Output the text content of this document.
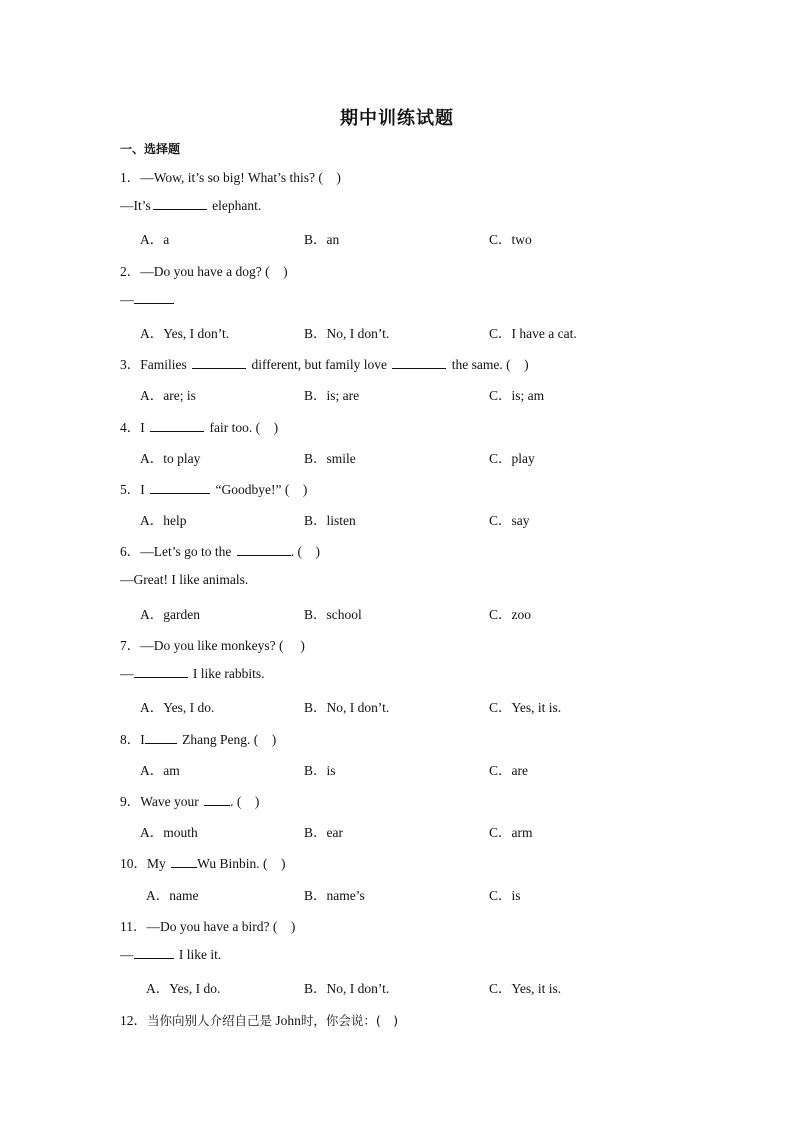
期中训练试题
一、选择题
1．—Wow, it’s so big! What’s this? (　)
—It’s	elephant.
A．a	B．an	C．two
2．—Do you have a dog? (　)
—
A．Yes, I don’t.	B．No, I don’t.	C．I have a cat.
3．Families	different, but family love	the same. (　)
A．are; is	B．is; are	C．is; am
4．I	fair too. (　)
A．to play	B．smile	C．play
5．I	“Goodbye!” (　)
A．help	B．listen	C．say
6．—Let’s go to the	. (　)
—Great! I like animals.
A．garden	B．school	C．zoo
7．—Do you like monkeys? (　 )
—	I like rabbits.
A．Yes, I do.	B．No, I don’t.	C．Yes, it is.
8．I	Zhang Peng. (　)
A．am	B．is	C．are
9．Wave your . (　)
A．mouth	B．ear	C．arm
10．My Wu Binbin. (　)
A．name	B．name’s	C．is
11．—Do you have a bird? (　)
—	I like it.
A．Yes, I do.	B．No, I don’t.	C．Yes, it is.
12．当你向别人介绍自己是 John时，你会说：(　)
